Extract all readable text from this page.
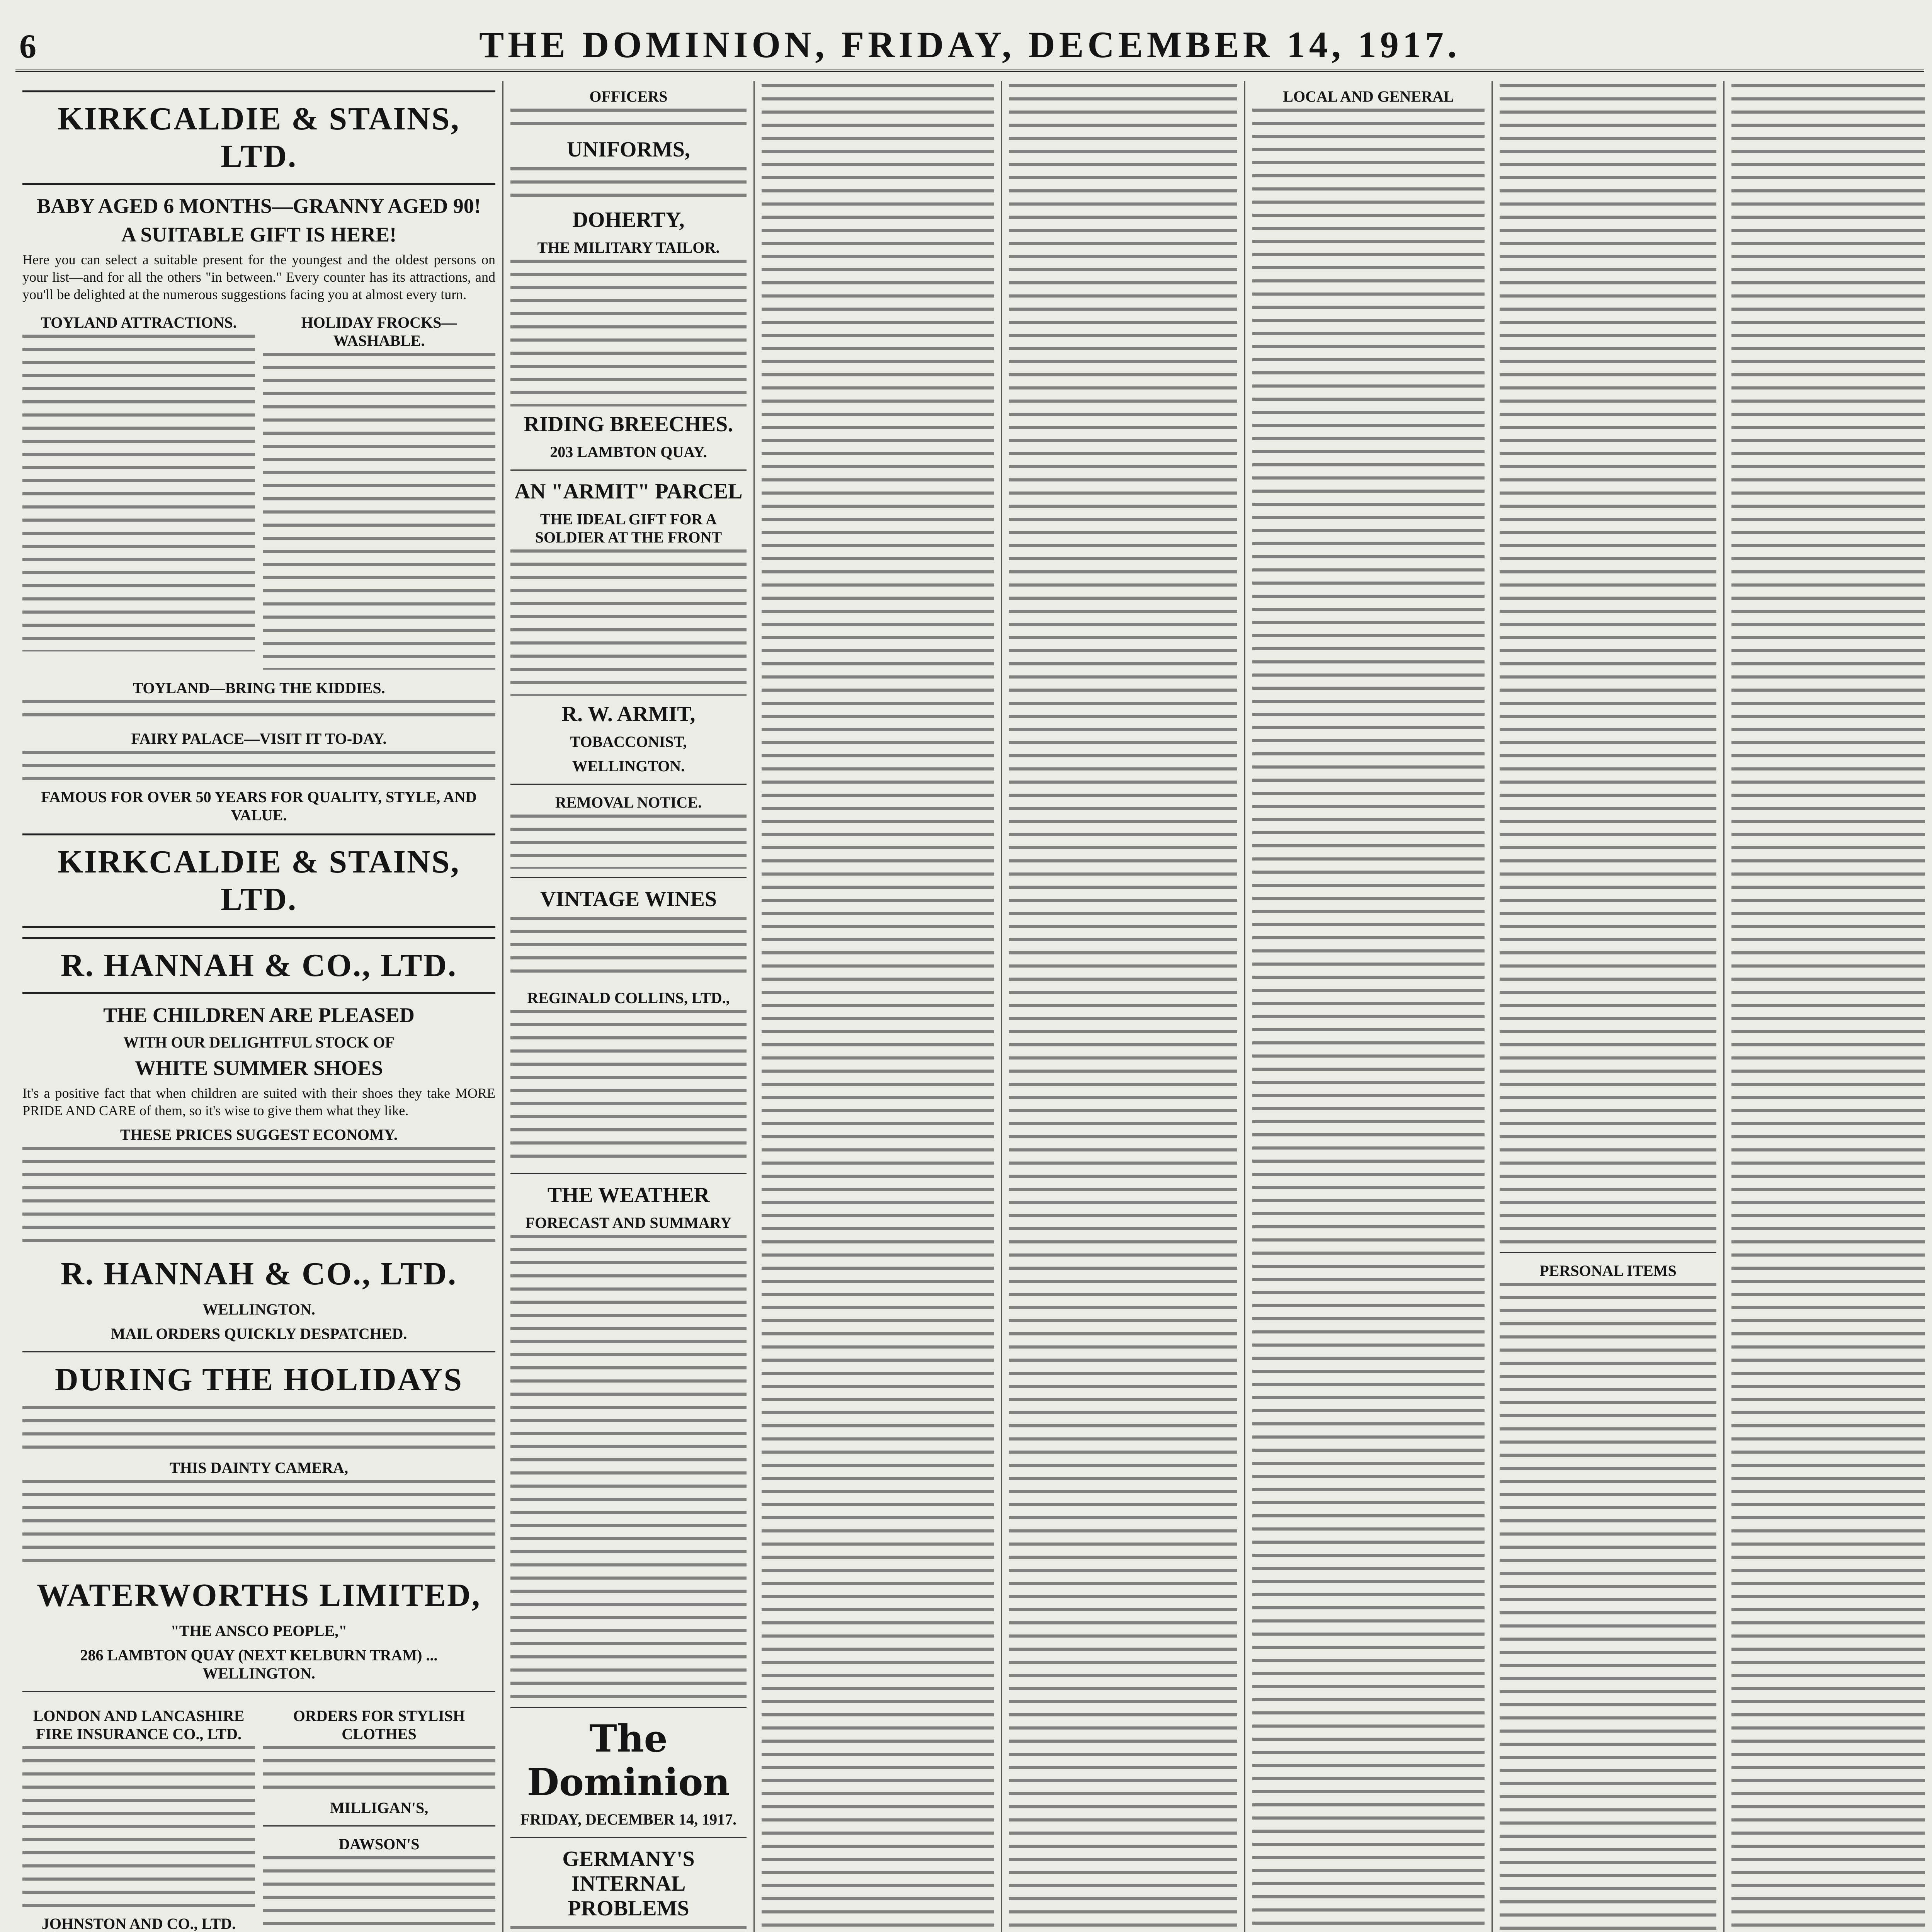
6	THE DOMINION, FRIDAY, DECEMBER 14, 1917.
KIRKCALDIE & STAINS, LTD.
BABY AGED 6 MONTHS—GRANNY AGED 90!
A SUITABLE GIFT IS HERE!
Here you can select a suitable present for the youngest and the oldest persons on your list—and for all the others "in between." Every counter has its attractions, and you'll be delighted at the numerous suggestions facing you at almost every turn.
TOYLAND ATTRACTIONS.	HOLIDAY FROCKS—WASHABLE.
TOYLAND—BRING THE KIDDIES.
FAIRY PALACE—VISIT IT TO-DAY.
FAMOUS FOR OVER 50 YEARS FOR QUALITY, STYLE, AND VALUE.
KIRKCALDIE & STAINS, LTD.
R. HANNAH & CO., LTD.
THE CHILDREN ARE PLEASED
WITH OUR DELIGHTFUL STOCK OF
WHITE SUMMER SHOES
It's a positive fact that when children are suited with their shoes they take MORE PRIDE AND CARE of them, so it's wise to give them what they like.
THESE PRICES SUGGEST ECONOMY.
R. HANNAH & CO., LTD.
WELLINGTON.
MAIL ORDERS QUICKLY DESPATCHED.
DURING THE HOLIDAYS
THIS DAINTY CAMERA,
WATERWORTHS LIMITED,
"THE ANSCO PEOPLE,"
286 LAMBTON QUAY (NEXT KELBURN TRAM) ... WELLINGTON.
LONDON AND LANCASHIRE FIRE INSURANCE CO., LTD.
JOHNSTON AND CO., LTD.
ORDERS FOR STYLISH CLOTHES
MILLIGAN'S,
DAWSON'S
OFFICERS
UNIFORMS,
DOHERTY,
THE MILITARY TAILOR.
RIDING BREECHES.
203 LAMBTON QUAY.
AN "ARMIT" PARCEL
THE IDEAL GIFT FOR A SOLDIER AT THE FRONT
R. W. ARMIT,
TOBACCONIST,
WELLINGTON.
REMOVAL NOTICE.
VINTAGE WINES
REGINALD COLLINS, LTD.,
THE WEATHER
FORECAST AND SUMMARY
The Dominion
FRIDAY, DECEMBER 14, 1917.
GERMANY'S INTERNAL PROBLEMS
LOCAL AND GENERAL
PERSONAL ITEMS
